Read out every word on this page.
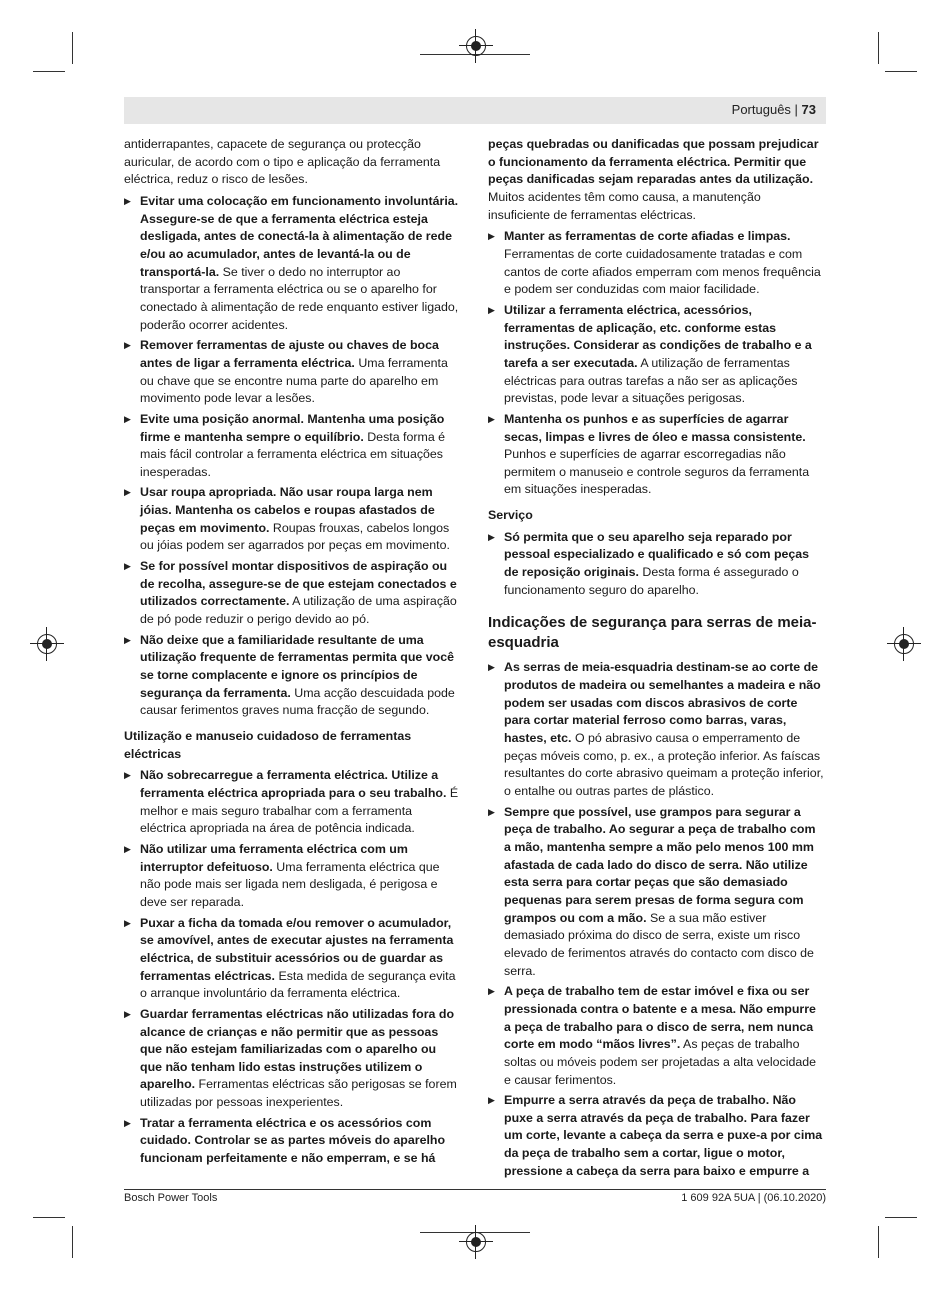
Português | 73

antiderrapantes, capacete de segurança ou protecção auricular, de acordo com o tipo e aplicação da ferramenta eléctrica, reduz o risco de lesões.

▶ Evitar uma colocação em funcionamento involuntária. Assegure-se de que a ferramenta eléctrica esteja desligada, antes de conectá-la à alimentação de rede e/ou ao acumulador, antes de levantá-la ou de transportá-la. Se tiver o dedo no interruptor ao transportar a ferramenta eléctrica ou se o aparelho for conectado à alimentação de rede enquanto estiver ligado, poderão ocorrer acidentes.

▶ Remover ferramentas de ajuste ou chaves de boca antes de ligar a ferramenta eléctrica. Uma ferramenta ou chave que se encontre numa parte do aparelho em movimento pode levar a lesões.

▶ Evite uma posição anormal. Mantenha uma posição firme e mantenha sempre o equilíbrio. Desta forma é mais fácil controlar a ferramenta eléctrica em situações inesperadas.

▶ Usar roupa apropriada. Não usar roupa larga nem jóias. Mantenha os cabelos e roupas afastados de peças em movimento. Roupas frouxas, cabelos longos ou jóias podem ser agarrados por peças em movimento.

▶ Se for possível montar dispositivos de aspiração ou de recolha, assegure-se de que estejam conectados e utilizados correctamente. A utilização de uma aspiração de pó pode reduzir o perigo devido ao pó.

▶ Não deixe que a familiaridade resultante de uma utilização frequente de ferramentas permita que você se torne complacente e ignore os princípios de segurança da ferramenta. Uma acção descuidada pode causar ferimentos graves numa fracção de segundo.

Utilização e manuseio cuidadoso de ferramentas eléctricas

▶ Não sobrecarregue a ferramenta eléctrica. Utilize a ferramenta eléctrica apropriada para o seu trabalho. É melhor e mais seguro trabalhar com a ferramenta eléctrica apropriada na área de potência indicada.

▶ Não utilizar uma ferramenta eléctrica com um interruptor defeituoso. Uma ferramenta eléctrica que não pode mais ser ligada nem desligada, é perigosa e deve ser reparada.

▶ Puxar a ficha da tomada e/ou remover o acumulador, se amovível, antes de executar ajustes na ferramenta eléctrica, de substituir acessórios ou de guardar as ferramentas eléctricas. Esta medida de segurança evita o arranque involuntário da ferramenta eléctrica.

▶ Guardar ferramentas eléctricas não utilizadas fora do alcance de crianças e não permitir que as pessoas que não estejam familiarizadas com o aparelho ou que não tenham lido estas instruções utilizem o aparelho. Ferramentas eléctricas são perigosas se forem utilizadas por pessoas inexperientes.

▶ Tratar a ferramenta eléctrica e os acessórios com cuidado. Controlar se as partes móveis do aparelho funcionam perfeitamente e não emperram, e se há

peças quebradas ou danificadas que possam prejudicar o funcionamento da ferramenta eléctrica. Permitir que peças danificadas sejam reparadas antes da utilização. Muitos acidentes têm como causa, a manutenção insuficiente de ferramentas eléctricas.

▶ Manter as ferramentas de corte afiadas e limpas. Ferramentas de corte cuidadosamente tratadas e com cantos de corte afiados emperram com menos frequência e podem ser conduzidas com maior facilidade.

▶ Utilizar a ferramenta eléctrica, acessórios, ferramentas de aplicação, etc. conforme estas instruções. Considerar as condições de trabalho e a tarefa a ser executada. A utilização de ferramentas eléctricas para outras tarefas a não ser as aplicações previstas, pode levar a situações perigosas.

▶ Mantenha os punhos e as superfícies de agarrar secas, limpas e livres de óleo e massa consistente. Punhos e superfícies de agarrar escorregadias não permitem o manuseio e controle seguros da ferramenta em situações inesperadas.

Serviço

▶ Só permita que o seu aparelho seja reparado por pessoal especializado e qualificado e só com peças de reposição originais. Desta forma é assegurado o funcionamento seguro do aparelho.

Indicações de segurança para serras de meia-esquadria

▶ As serras de meia-esquadria destinam-se ao corte de produtos de madeira ou semelhantes a madeira e não podem ser usadas com discos abrasivos de corte para cortar material ferroso como barras, varas, hastes, etc. O pó abrasivo causa o emperramento de peças móveis como, p. ex., a proteção inferior. As faíscas resultantes do corte abrasivo queimam a proteção inferior, o entalhe ou outras partes de plástico.

▶ Sempre que possível, use grampos para segurar a peça de trabalho. Ao segurar a peça de trabalho com a mão, mantenha sempre a mão pelo menos 100 mm afastada de cada lado do disco de serra. Não utilize esta serra para cortar peças que são demasiado pequenas para serem presas de forma segura com grampos ou com a mão. Se a sua mão estiver demasiado próxima do disco de serra, existe um risco elevado de ferimentos através do contacto com disco de serra.

▶ A peça de trabalho tem de estar imóvel e fixa ou ser pressionada contra o batente e a mesa. Não empurre a peça de trabalho para o disco de serra, nem nunca corte em modo “mãos livres”. As peças de trabalho soltas ou móveis podem ser projetadas a alta velocidade e causar ferimentos.

▶ Empurre a serra através da peça de trabalho. Não puxe a serra através da peça de trabalho. Para fazer um corte, levante a cabeça da serra e puxe-a por cima da peça de trabalho sem a cortar, ligue o motor, pressione a cabeça da serra para baixo e empurre a

Bosch Power Tools	1 609 92A 5UA | (06.10.2020)
